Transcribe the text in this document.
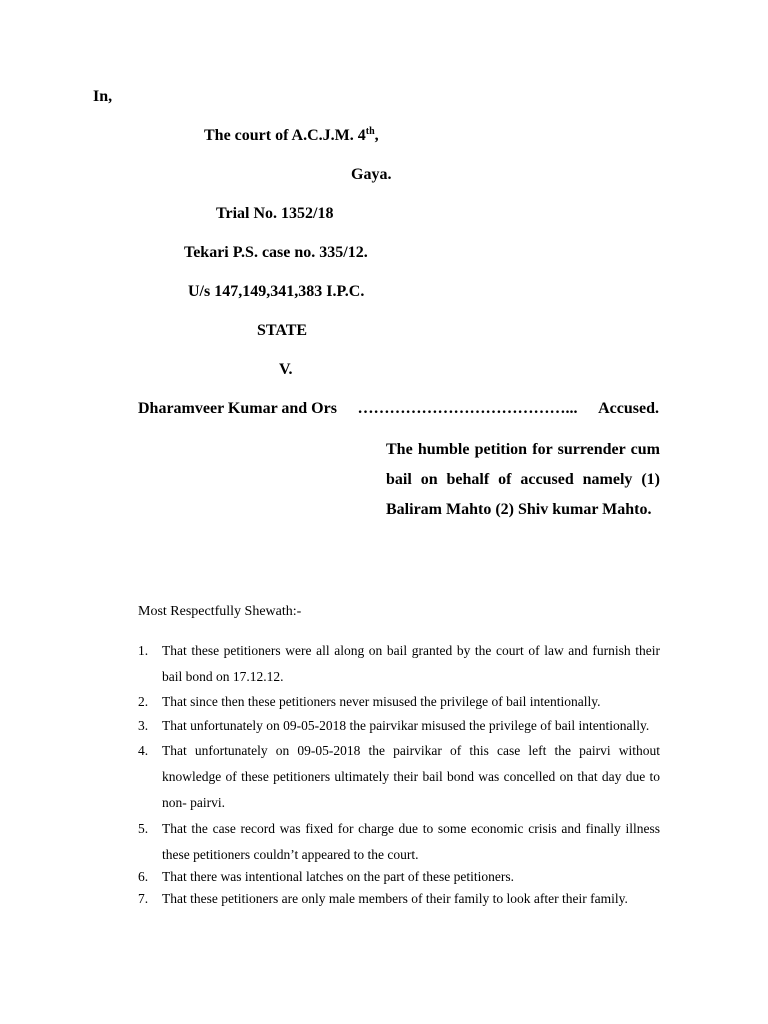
In,
The court of A.C.J.M. 4th,
Gaya.
Trial No. 1352/18
Tekari P.S. case no. 335/12.
U/s 147,149,341,383 I.P.C.
STATE
V.
Dharamveer Kumar and Ors …………………………………... Accused.
The humble petition for surrender cum bail on behalf of accused namely (1) Baliram Mahto (2) Shiv kumar Mahto.
Most Respectfully Shewath:-
1. That these petitioners were all along on bail granted by the court of law and furnish their bail bond on 17.12.12.
2. That since then these petitioners never misused the privilege of bail intentionally.
3. That unfortunately on 09-05-2018 the pairvikar misused the privilege of bail intentionally.
4. That unfortunately on 09-05-2018 the pairvikar of this case left the pairvi without knowledge of these petitioners ultimately their bail bond was concelled on that day due to non- pairvi.
5. That the case record was fixed for charge due to some economic crisis and finally illness these petitioners couldn’t appeared to the court.
6. That there was intentional latches on the part of these petitioners.
7. That these petitioners are only male members of their family to look after their family.
